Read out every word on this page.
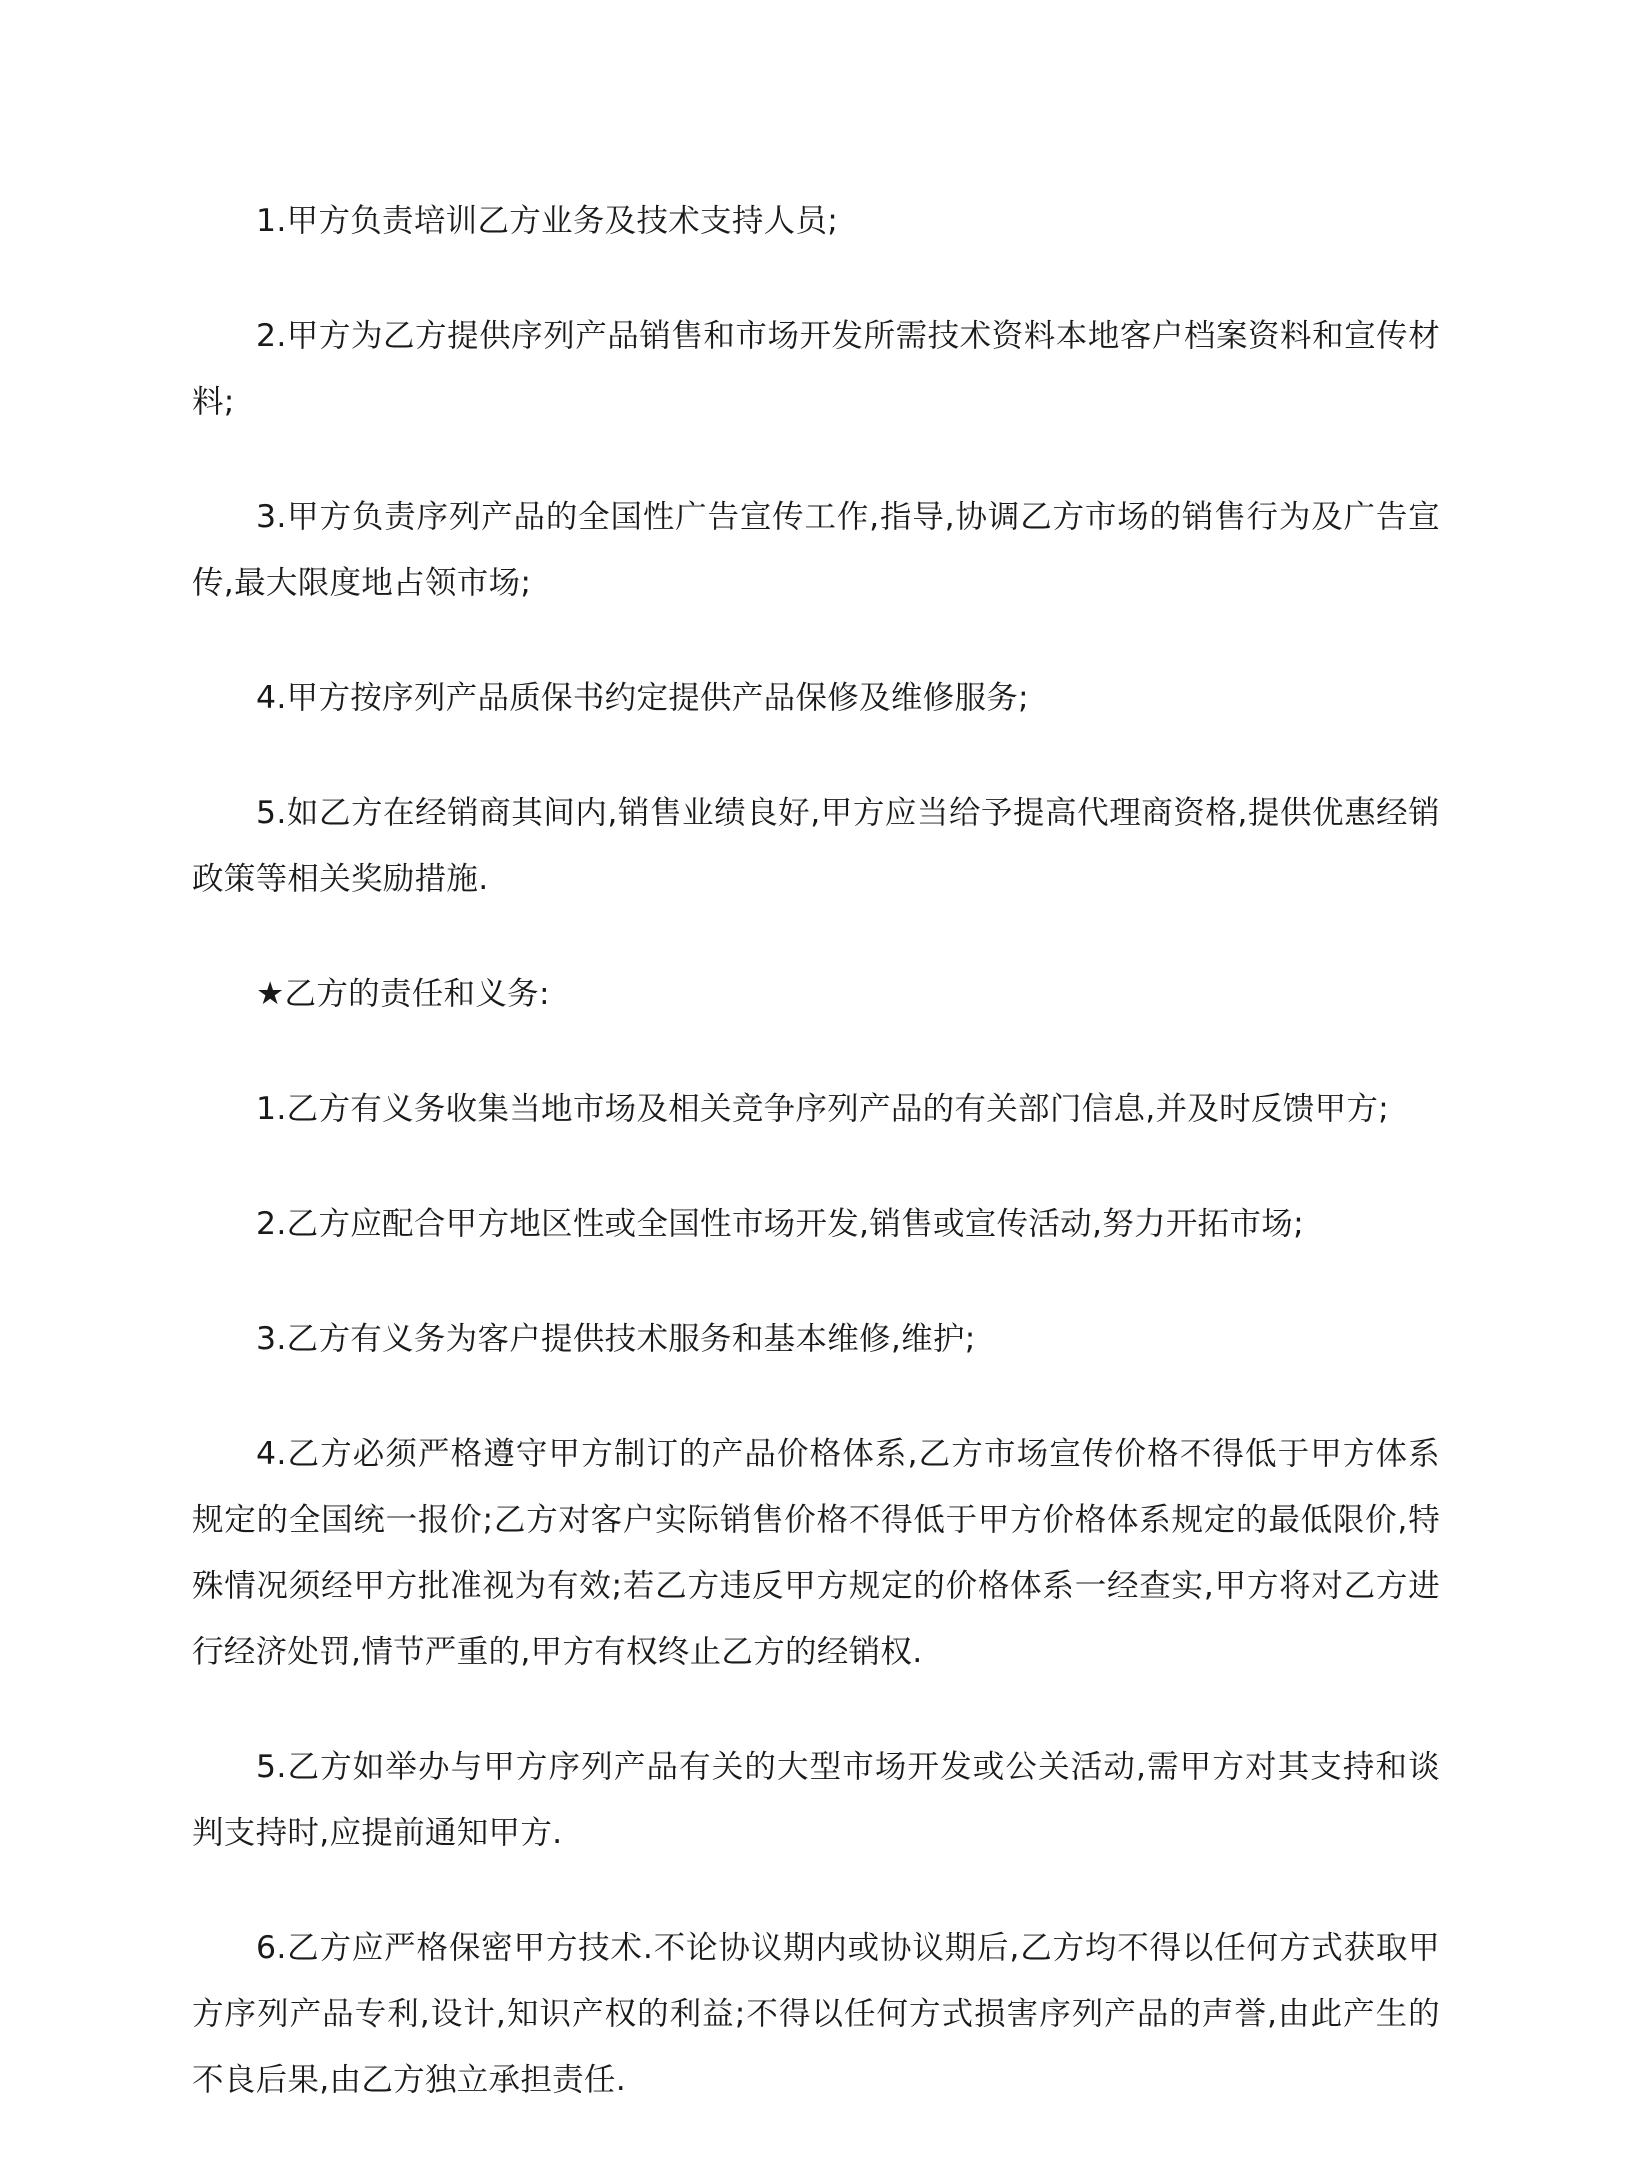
1.甲方负责培训乙方业务及技术支持人员;

2.甲方为乙方提供序列产品销售和市场开发所需技术资料本地客户档案资料和宣传材料;

3.甲方负责序列产品的全国性广告宣传工作,指导,协调乙方市场的销售行为及广告宣传,最大限度地占领市场;

4.甲方按序列产品质保书约定提供产品保修及维修服务;

5.如乙方在经销商其间内,销售业绩良好,甲方应当给予提高代理商资格,提供优惠经销政策等相关奖励措施.

★乙方的责任和义务:

1.乙方有义务收集当地市场及相关竞争序列产品的有关部门信息,并及时反馈甲方;

2.乙方应配合甲方地区性或全国性市场开发,销售或宣传活动,努力开拓市场;

3.乙方有义务为客户提供技术服务和基本维修,维护;

4.乙方必须严格遵守甲方制订的产品价格体系,乙方市场宣传价格不得低于甲方体系规定的全国统一报价;乙方对客户实际销售价格不得低于甲方价格体系规定的最低限价,特殊情况须经甲方批准视为有效;若乙方违反甲方规定的价格体系一经查实,甲方将对乙方进行经济处罚,情节严重的,甲方有权终止乙方的经销权.

5.乙方如举办与甲方序列产品有关的大型市场开发或公关活动,需甲方对其支持和谈判支持时,应提前通知甲方.

6.乙方应严格保密甲方技术.不论协议期内或协议期后,乙方均不得以任何方式获取甲方序列产品专利,设计,知识产权的利益;不得以任何方式损害序列产品的声誉,由此产生的不良后果,由乙方独立承担责任.
